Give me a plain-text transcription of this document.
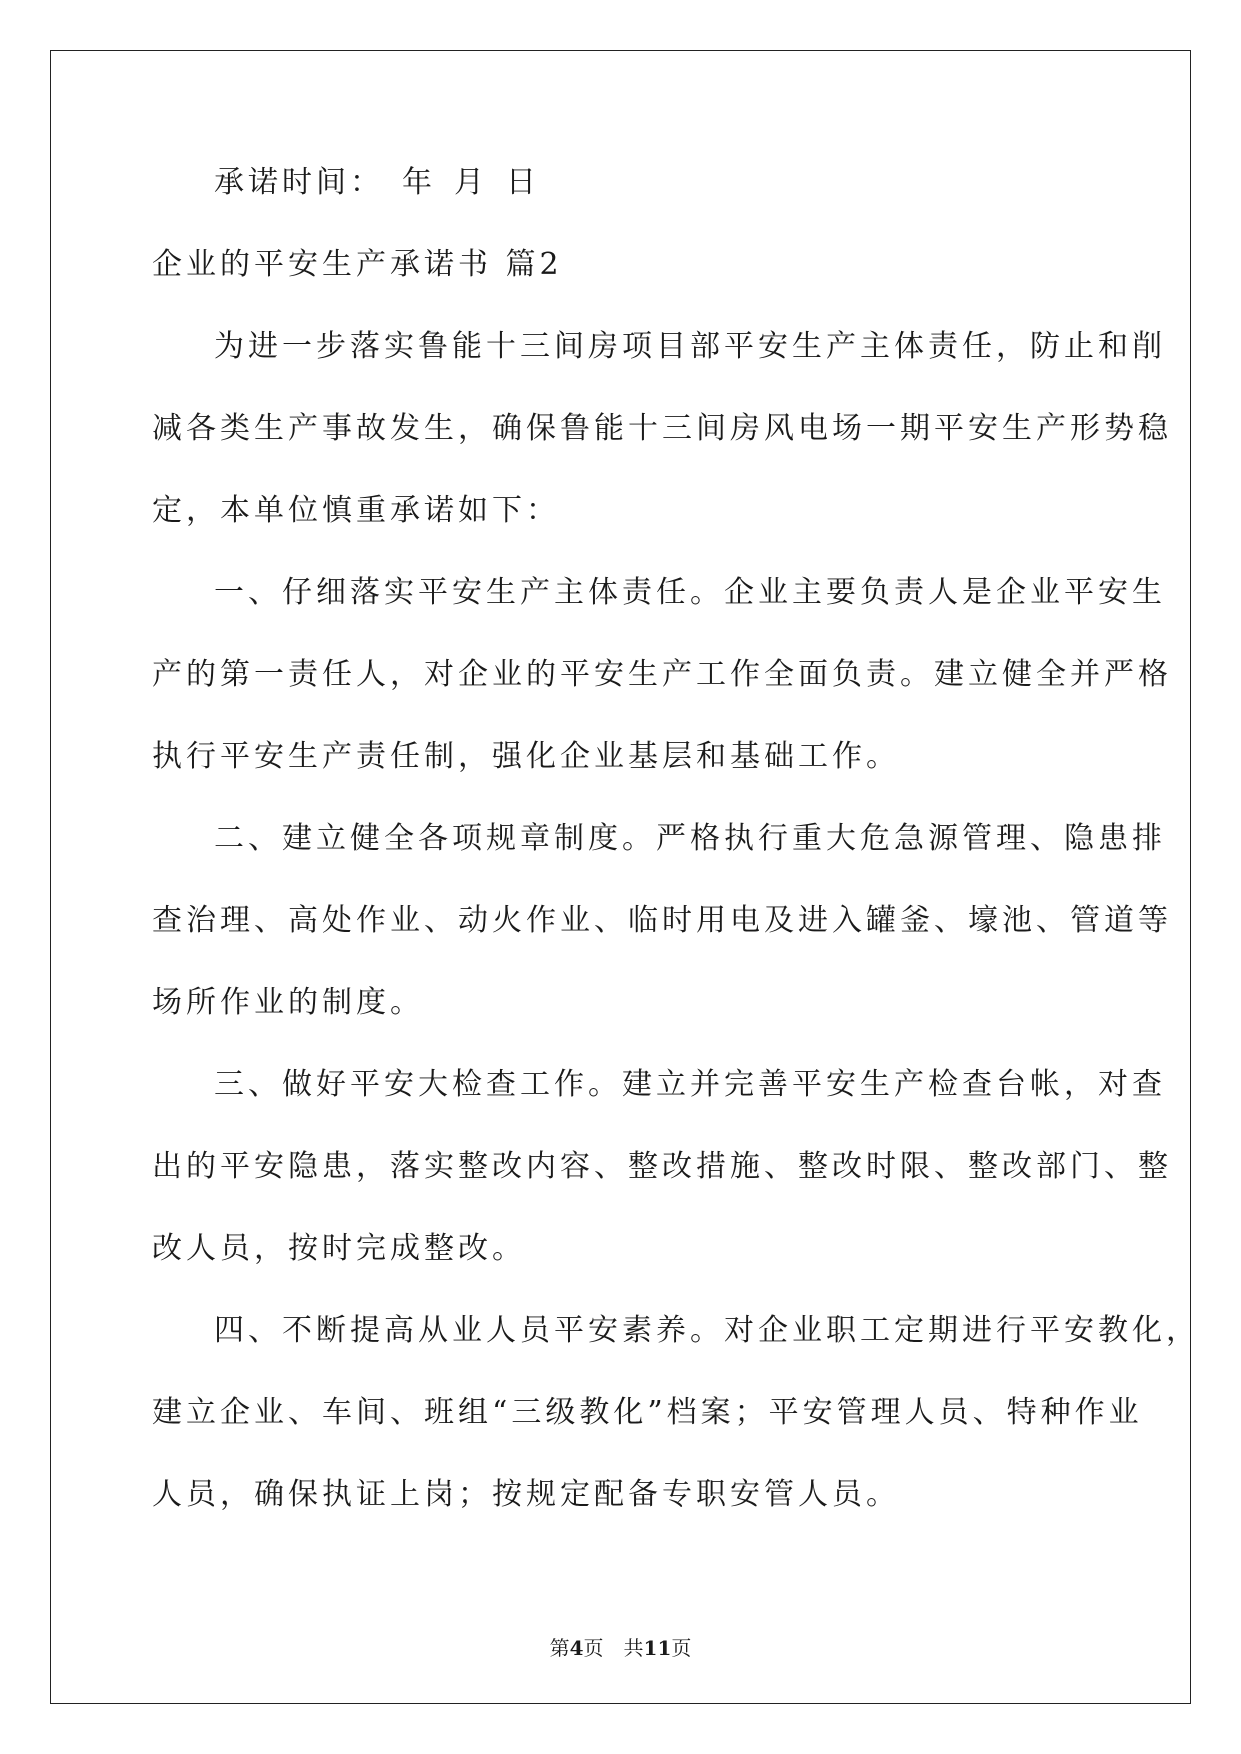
承诺时间： 年 月 日
企业的平安生产承诺书 篇2
为进一步落实鲁能十三间房项目部平安生产主体责任，防止和削
减各类生产事故发生，确保鲁能十三间房风电场一期平安生产形势稳
定，本单位慎重承诺如下：
一、仔细落实平安生产主体责任。企业主要负责人是企业平安生
产的第一责任人，对企业的平安生产工作全面负责。建立健全并严格
执行平安生产责任制，强化企业基层和基础工作。
二、建立健全各项规章制度。严格执行重大危急源管理、隐患排
查治理、高处作业、动火作业、临时用电及进入罐釜、壕池、管道等
场所作业的制度。
三、做好平安大检查工作。建立并完善平安生产检查台帐，对查
出的平安隐患，落实整改内容、整改措施、整改时限、整改部门、整
改人员，按时完成整改。
四、不断提高从业人员平安素养。对企业职工定期进行平安教化，
建立企业、车间、班组“三级教化”档案；平安管理人员、特种作业
人员，确保执证上岗；按规定配备专职安管人员。
第4页　共11页
